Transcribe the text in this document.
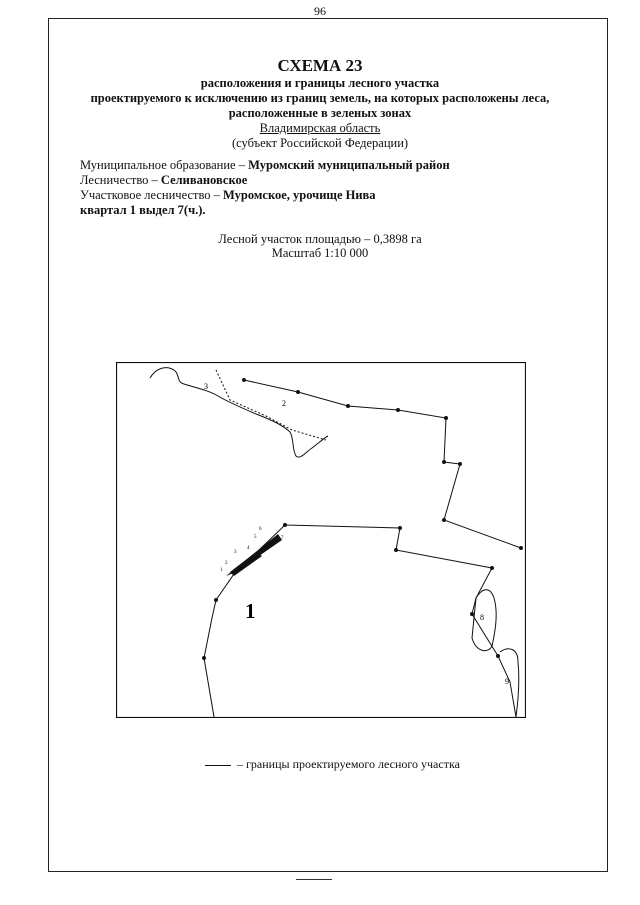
96
СХЕМА 23
расположения и границы лесного участка
проектируемого к исключению из границ земель, на которых расположены леса,
расположенные в зеленых зонах
Владимирская область
(субъект Российской Федерации)
Муниципальное образование – Муромский муниципальный район
Лесничество – Селивановское
Участковое лесничество – Муромское, урочище Нива
квартал 1 выдел 7(ч.).
Лесной участок площадью – 0,3898 га
Масштаб 1:10 000
3
2
1	8
9
1
2
3
4
5
6
7
8
– границы проектируемого лесного участка
